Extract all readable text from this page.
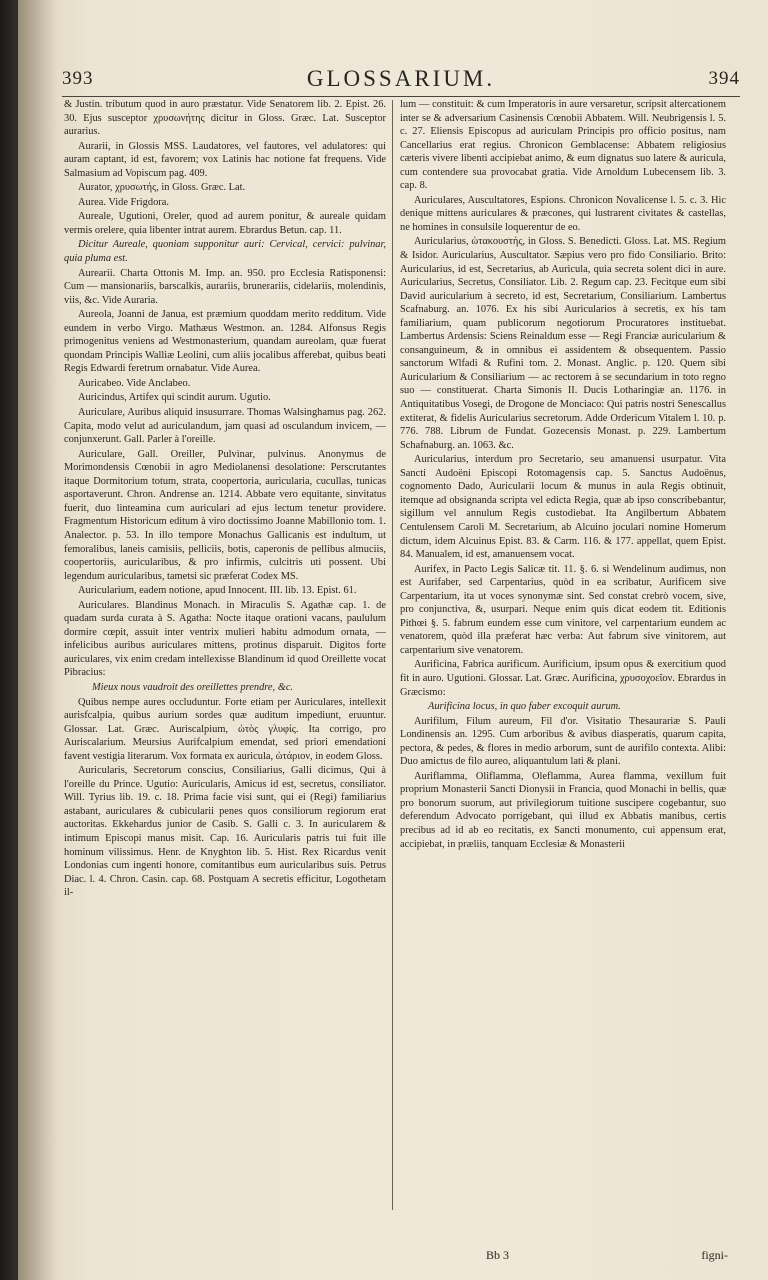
393	GLOSSARIUM.	394

& Justin. tributum quod in auro præstatur. Vide Senatorem lib. 2. Epist. 26. 30. Ejus susceptor χρυσωνήτης dicitur in Gloss. Græc. Lat. Susceptor aurarius.

Aurarii, in Glossis MSS. Laudatores, vel fautores, vel adulatores: qui auram captant, id est, favorem; vox Latinis hac notione fat frequens. Vide Salmasium ad Vopiscum pag. 409.

Aurator, χρυσωτής, in Gloss. Græc. Lat.

Aurea. Vide Frigdora.

Aureale, Ugutioni, Oreler, quod ad aurem ponitur, & aureale quidam vermis orelere, quia libenter intrat aurem. Ebrardus Betun. cap. 11.

Dicitur Aureale, quoniam supponitur auri: Cervical, cervici: pulvinar, quia pluma est.

Aurearii. Charta Ottonis M. Imp. an. 950. pro Ecclesia Ratisponensi: Cum — mansionariis, barscalkis, aurariis, brunerariis, cidelariis, molendinis, viis, &c. Vide Auraria.

Aureola, Joanni de Janua, est præmium quoddam merito redditum. Vide eundem in verbo Virgo. Mathæus Westmon. an. 1284. Alfonsus Regis primogenitus veniens ad Westmonasterium, quandam aureolam, quæ fuerat quondam Principis Walliæ Leolini, cum aliis jocalibus afferebat, quibus beati Regis Edwardi feretrum ornabatur. Vide Aurea.

Auricabeo. Vide Anclabeo.

Auricindus, Artifex qui scindit aurum. Ugutio.

Auriculare, Auribus aliquid insusurrare. Thomas Walsinghamus pag. 262. Capita, modo velut ad auriculandum, jam quasi ad osculandum invicem, — conjunxerunt. Gall. Parler à l'oreille.

Auriculare, Gall. Oreiller, Pulvinar, pulvinus. Anonymus de Morimondensis Cœnobii in agro Mediolanensi desolatione: Perscrutantes itaque Dormitorium totum, strata, coopertoria, auricularia, cucullas, tunicas asportaverunt. Chron. Andrense an. 1214. Abbate vero equitante, sinvitatus fuerit, duo linteamina cum auriculari ad ejus lectum tenetur providere. Fragmentum Historicum editum à viro doctissimo Joanne Mabillonio tom. 1. Analector. p. 53. In illo tempore Monachus Gallicanis est indultum, ut femoralibus, laneis camisiis, pelliciis, botis, caperonis de pellibus almuciis, coopertoriis, auricularibus, & pro infirmis, culcitris uti possent. Ubi legendum auricularibus, tametsi sic præferat Codex MS.

Auricularium, eadem notione, apud Innocent. III. lib. 13. Epist. 61.

Auriculares. Blandinus Monach. in Miraculis S. Agathæ cap. 1. de quadam surda curata à S. Agatha: Nocte itaque orationi vacans, paululum dormire cœpit, assuit inter ventrix mulieri habitu admodum ornata, — infelicibus auribus auriculares mittens, protinus disparuit. Digitos forte auriculares, vix enim credam intellexisse Blandinum id quod Oreillette vocat Pibracius:

Mieux nous vaudroit des oreillettes prendre, &c.

Quibus nempe aures occluduntur. Forte etiam per Auriculares, intellexit aurisfcalpia, quibus aurium sordes quæ auditum impediunt, eruuntur. Glossar. Lat. Græc. Auriscalpium, ὠτὸς γλυφίς. Ita corrigo, pro Auriscalarium. Meursius Aurifcalpium emendat, sed priori emendationi favent vestigia literarum. Vox formata ex auricula, ὠτάριον, in eodem Gloss.

Auricularis, Secretorum conscius, Consiliarius, Galli dicimus, Qui à l'oreille du Prince. Ugutio: Auricularis, Amicus id est, secretus, consiliator. Will. Tyrius lib. 19. c. 18. Prima facie visi sunt, qui ei (Regi) familiarius astabant, auriculares & cubicularii penes quos consiliorum regiorum erat auctoritas. Ekkehardus junior de Casib. S. Galli c. 3. In auricularem & intimum Episcopi manus misit. Cap. 16. Auricularis patris tui fuit ille hominum vilissimus. Henr. de Knyghton lib. 5. Hist. Rex Ricardus venit Londonias cum ingenti honore, comitantibus eum auricularibus suis. Petrus Diac. l. 4. Chron. Casin. cap. 68. Postquam A secretis efficitur, Logothetam il-

lum — constituit: & cum Imperatoris in aure versaretur, scripsit altercationem inter se & adversarium Casinensis Cœnobii Abbatem. Will. Neubrigensis l. 5. c. 27. Eliensis Episcopus ad auriculam Principis pro officio positus, nam Cancellarius erat regius. Chronicon Gemblacense: Abbatem religiosius cæteris vivere libenti accipiebat animo, & eum dignatus suo latere & auricula, cum contendere sua provocabat gratia. Vide Arnoldum Lubecensem lib. 3. cap. 8.

Auriculares, Auscultatores, Espions. Chronicon Novalicense l. 5. c. 3. Hic denique mittens auriculares & præcones, qui lustrarent civitates & castellas, ne homines in consulsile loquerentur de eo.

Auricularius, ὠτακουστής, in Gloss. S. Benedicti. Gloss. Lat. MS. Regium & Isidor. Auricularius, Auscultator. Sæpius vero pro fido Consiliario. Brito: Auricularius, id est, Secretarius, ab Auricula, quia secreta solent dici in aure. Auricularius, Secretus, Consiliator. Lib. 2. Regum cap. 23. Fecitque eum sibi David auricularium à secreto, id est, Secretarium, Consiliarium. Lambertus Scafnaburg. an. 1076. Ex his sibi Auricularios à secretis, ex his tam familiarium, quam publicorum negotiorum Procuratores instituebat. Lambertus Ardensis: Sciens Reinaldum esse — Regi Franciæ auricularium & consanguineum, & in omnibus ei assidentem & obsequentem. Passio sanctorum Wlfadi & Rufini tom. 2. Monast. Anglic. p. 120. Quem sibi Auricularium & Consiliarium — ac rectorem à se secundarium in toto regno suo — constituerat. Charta Simonis II. Ducis Lotharingiæ an. 1176. in Antiquitatibus Vosegi, de Drogone de Monciaco: Qui patris nostri Senescallus extiterat, & fidelis Auricularius secretorum. Adde Ordericum Vitalem l. 10. p. 776. 788. Librum de Fundat. Gozecensis Monast. p. 229. Lambertum Schafnaburg. an. 1063. &c.

Auricularius, interdum pro Secretario, seu amanuensi usurpatur. Vita Sancti Audoëni Episcopi Rotomagensis cap. 5. Sanctus Audoënus, cognomento Dado, Auricularii locum & munus in aula Regis obtinuit, itemque ad obsignanda scripta vel edicta Regia, quæ ab ipso conscribebantur, sigillum vel annulum Regis custodiebat. Ita Angilbertum Abbatem Centulensem Caroli M. Secretarium, ab Alcuino joculari nomine Homerum dictum, idem Alcuinus Epist. 83. & Carm. 116. & 177. appellat, quem Epist. 84. Manualem, id est, amanuensem vocat.

Aurifex, in Pacto Legis Salicæ tit. 11. §. 6. si Wendelinum audimus, non est Aurifaber, sed Carpentarius, quòd in ea scribatur, Aurificem sive Carpentarium, ita ut voces synonymæ sint. Sed constat crebrò vocem, sive, pro conjunctiva, &, usurpari. Neque enim quis dicat eodem tit. Editionis Pithœi §. 5. fabrum eundem esse cum vinitore, vel carpentarium eundem ac venatorem, quòd illa præferat hæc verba: Aut fabrum sive vinitorem, aut carpentarium sive venatorem.

Aurificina, Fabrica aurificum. Aurificium, ipsum opus & exercitium quod fit in auro. Ugutioni. Glossar. Lat. Græc. Aurificina, χρυσοχοεῖον. Ebrardus in Græcismo:

Aurificina locus, in quo faber excoquit aurum.

Aurifilum, Filum aureum, Fil d'or. Visitatio Thesaurariæ S. Pauli Londinensis an. 1295. Cum arboribus & avibus diasperatis, quarum capita, pectora, & pedes, & flores in medio arborum, sunt de aurifilo contexta. Alibi: Duo amictus de filo aureo, aliquantulum lati & plani.

Auriflamma, Oliflamma, Oleflamma, Aurea flamma, vexillum fuit proprium Monasterii Sancti Dionysii in Francia, quod Monachi in bellis, quæ pro bonorum suorum, aut privilegiorum tuitione suscipere cogebantur, suo deferendum Advocato porrigebant, quì illud ex Abbatis manibus, certis precibus ad id ab eo recitatis, ex Sancti monumento, cui appensum erat, accipiebat, in præliis, tanquam Ecclesiæ & Monasterii

Bb 3	figni-
